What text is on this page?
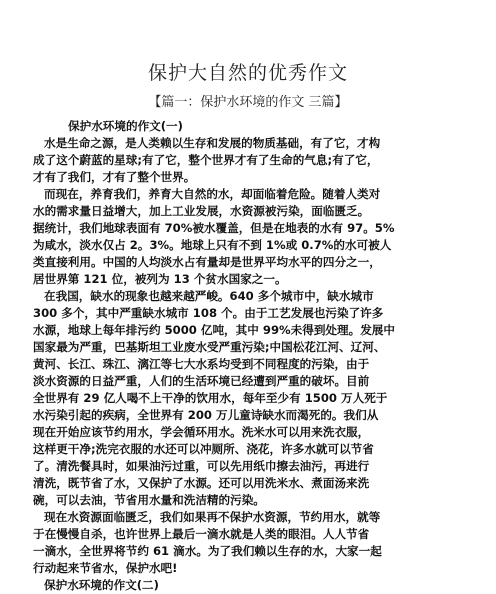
保护大自然的优秀作文
【篇一：保护水环境的作文 三篇】
保护水环境的作文(一)
水是生命之源，是人类赖以生存和发展的物质基础，有了它，才构
成了这个蔚蓝的星球;有了它，整个世界才有了生命的气息;有了它，
才有了我们，才有了整个世界。
而现在，养育我们，养育大自然的水，却面临着危险。随着人类对
水的需求量日益增大，加上工业发展，水资源被污染，面临匮乏。
据统计，我们地球表面有 70%被水覆盖，但是在地表的水有 97。5%
为咸水，淡水仅占 2。3%。地球上只有不到 1%或 0.7%的水可被人
类直接利用。中国的人均淡水占有量却是世界平均水平的四分之一，
居世界第 121 位，被列为 13 个贫水国家之一。
在我国，缺水的现象也越来越严峻。640 多个城市中，缺水城市
300 多个，其中严重缺水城市 108 个。由于工艺发展也污染了许多
水源，地球上每年排污约 5000 亿吨，其中 99%未得到处理。发展中
国家最为严重，巴基斯坦工业废水受严重污染;中国松花江河、辽河、
黄河、长江、珠江、漓江等七大水系均受到不同程度的污染，由于
淡水资源的日益严重，人们的生活环境已经遭到严重的破坏。目前
全世界有 29 亿人喝不上干净的饮用水，每年至少有 1500 万人死于
水污染引起的疾病，全世界有 200 万儿童诗缺水而渴死的。我们从
现在开始应该节约用水，学会循环用水。洗米水可以用来洗衣服，
这样更干净;洗完衣服的水还可以冲厕所、浇花，许多水就可以节省
了。清洗餐具时，如果油污过重，可以先用纸巾擦去油污，再进行
清洗，既节省了水，又保护了水源。还可以用洗米水、煮面汤来洗
碗，可以去油，节省用水量和洗洁精的污染。
现在水资源面临匮乏，我们如果再不保护水资源，节约用水，就等
于在慢慢自杀，也许世界上最后一滴水就是人类的眼泪。人人节省
一滴水，全世界将节约 61 滴水。为了我们赖以生存的水，大家一起
行动起来节省水，保护水吧!
保护水环境的作文(二)
